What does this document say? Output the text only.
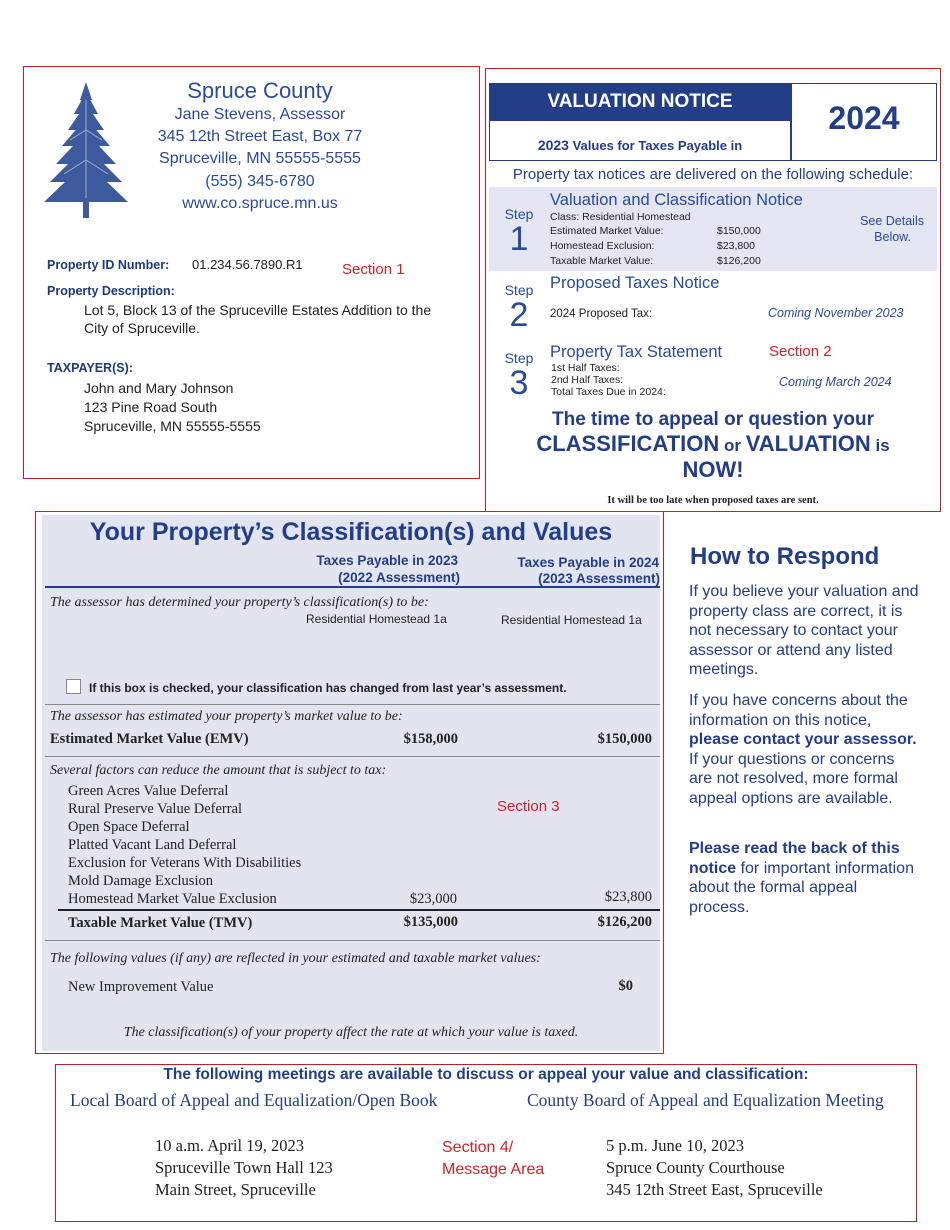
Spruce County
Jane Stevens, Assessor
345 12th Street East, Box 77
Spruceville, MN 55555-5555
(555) 345-6780
www.co.spruce.mn.us
Property ID Number: 01.234.56.7890.R1	Section 1
Property Description:
Lot 5, Block 13 of the Spruceville Estates Addition to the
City of Spruceville.
TAXPAYER(S):
John and Mary Johnson
123 Pine Road South
Spruceville, MN 55555-5555
VALUATION NOTICE
2023 Values for Taxes Payable in
2024
Property tax notices are delivered on the following schedule:
Step
1
Valuation and Classification Notice
Class: Residential Homestead
Estimated Market Value:	$150,000
Homestead Exclusion:	$23,800
Taxable Market Value:	$126,200
See Details
Below.
Step
2
Proposed Taxes Notice
2024 Proposed Tax:	Coming November 2023
Step
3
Property Tax Statement	Section 2
1st Half Taxes:
2nd Half Taxes:
Total Taxes Due in 2024:
Coming March 2024
The time to appeal or question your
CLASSIFICATION or VALUATION is
NOW!
It will be too late when proposed taxes are sent.
Your Property’s Classification(s) and Values
Taxes Payable in 2023
(2022 Assessment)
Taxes Payable in 2024
(2023 Assessment)
The assessor has determined your property’s classification(s) to be:
Residential Homestead 1a	Residential Homestead 1a
If this box is checked, your classification has changed from last year’s assessment.
The assessor has estimated your property’s market value to be:
Estimated Market Value (EMV)	$158,000	$150,000
Several factors can reduce the amount that is subject to tax:
Green Acres Value Deferral
Rural Preserve Value Deferral
Open Space Deferral
Platted Vacant Land Deferral
Exclusion for Veterans With Disabilities
Mold Damage Exclusion
Homestead Market Value Exclusion	$23,000	$23,800
Section 3
Taxable Market Value (TMV)	$135,000	$126,200
The following values (if any) are reflected in your estimated and taxable market values:
New Improvement Value	$0
The classification(s) of your property affect the rate at which your value is taxed.
How to Respond
If you believe your valuation and property class are correct, it is not necessary to contact your assessor or attend any listed meetings.
If you have concerns about the information on this notice, please contact your assessor. If your questions or concerns are not resolved, more formal appeal options are available.
Please read the back of this notice for important information about the formal appeal process.
The following meetings are available to discuss or appeal your value and classification:
Local Board of Appeal and Equalization/Open Book	County Board of Appeal and Equalization Meeting
10 a.m. April 19, 2023
Spruceville Town Hall 123
Main Street, Spruceville
Section 4/
Message Area
5 p.m. June 10, 2023
Spruce County Courthouse
345 12th Street East, Spruceville
